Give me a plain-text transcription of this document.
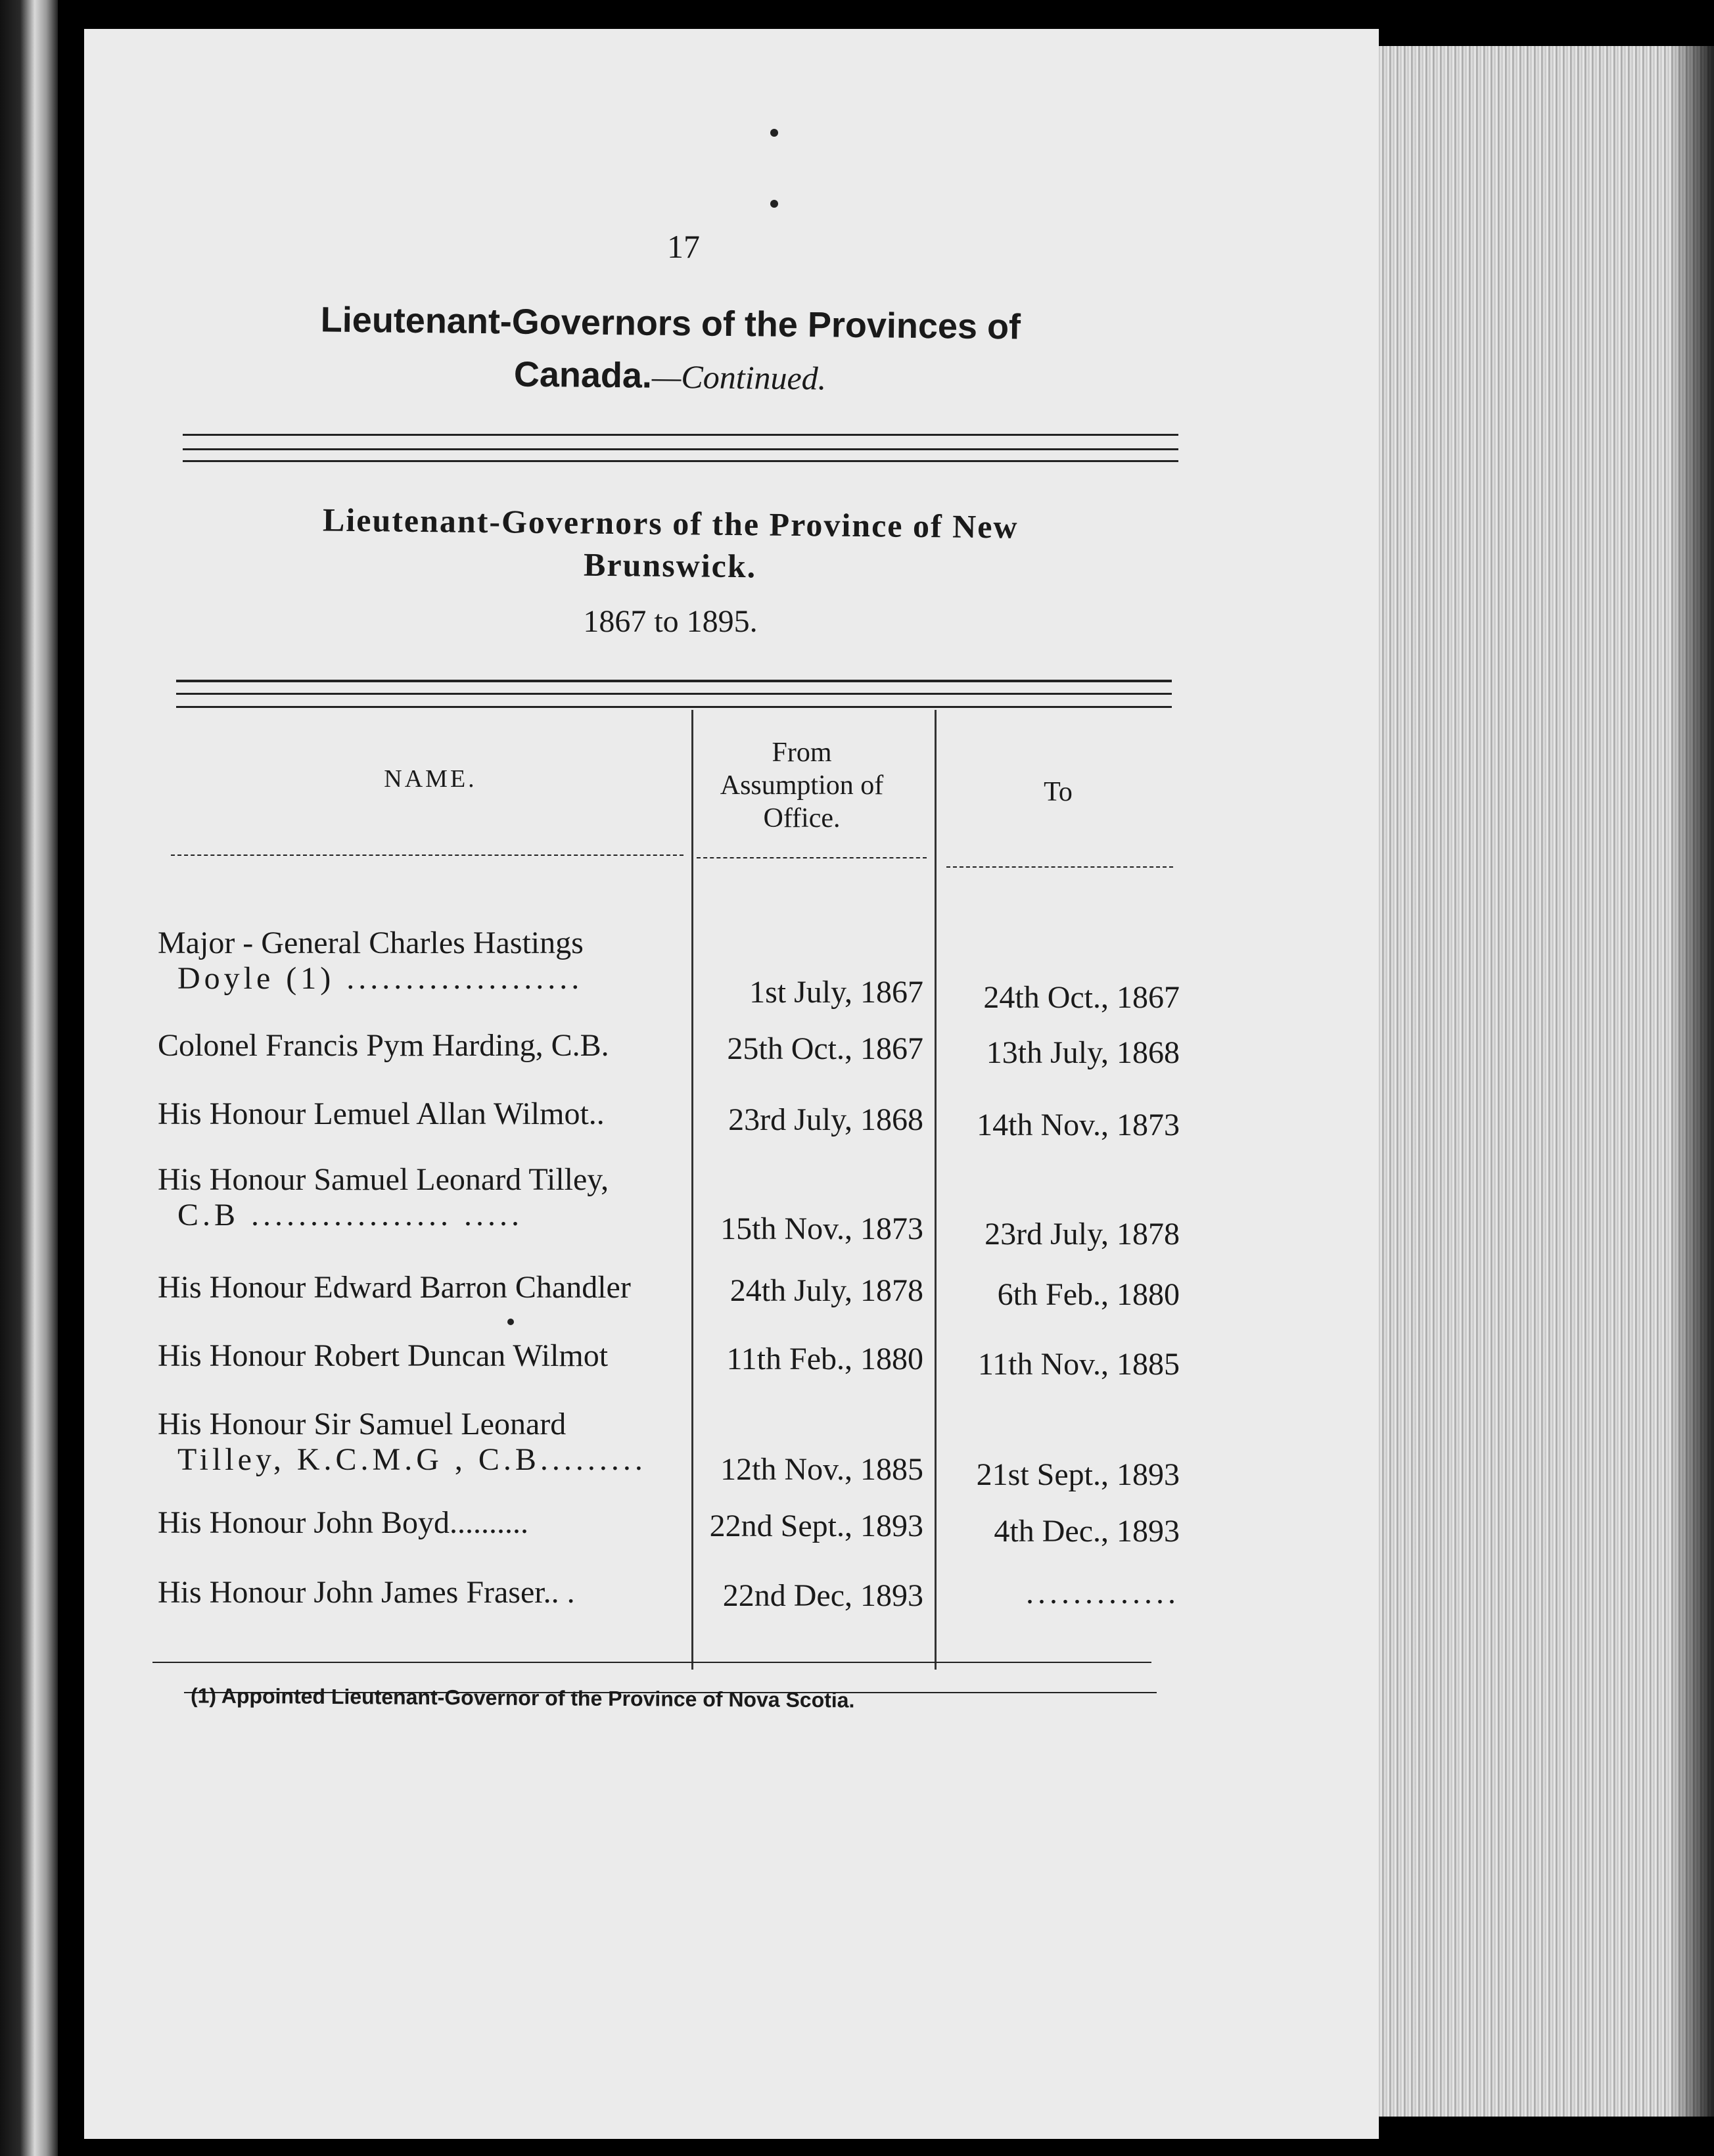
17
Lieutenant-Governors of the Provinces of
Canada.—Continued.
Lieutenant-Governors of the Province of New
Brunswick.
1867 to 1895.
NAME.
From
Assumption of
Office.
To
Major - General Charles Hastings
Doyle (1) ....................	1st July, 1867	24th Oct., 1867
Colonel Francis Pym Harding, C.B.	25th Oct., 1867	13th July, 1868
His Honour Lemuel Allan Wilmot..	23rd July, 1868	14th Nov., 1873
His Honour Samuel Leonard Tilley,
C.B ................. .....	15th Nov., 1873	23rd July, 1878
His Honour Edward Barron Chandler	24th July, 1878	6th Feb., 1880
His Honour Robert Duncan Wilmot	11th Feb., 1880	11th Nov., 1885
His Honour Sir Samuel Leonard
Tilley, K.C.M.G , C.B.........	12th Nov., 1885	21st Sept., 1893
His Honour John Boyd..........	22nd Sept., 1893	4th Dec., 1893
His Honour John James Fraser.. .	22nd Dec, 1893	.............
(1) Appointed Lieutenant-Governor of the Province of Nova Scotia.
